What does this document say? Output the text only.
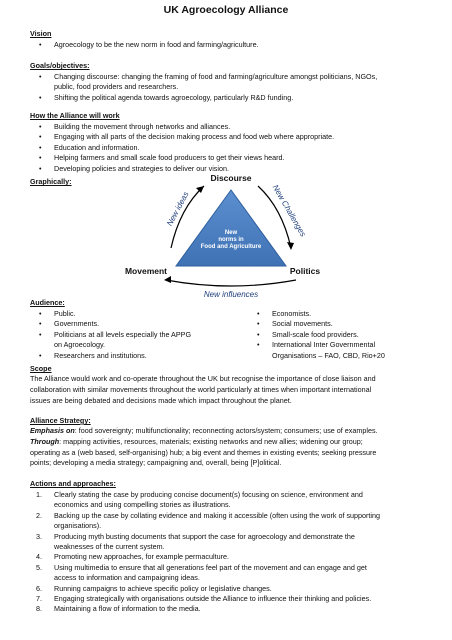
UK Agroecology Alliance
Vision
• Agroecology to be the new norm in food and farming/agriculture.
Goals/objectives:
• Changing discourse: changing the framing of food and farming/agriculture amongst politicians, NGOs,
public, food providers and researchers.
• Shifting the political agenda towards agroecology, particularly R&D funding.
How the Alliance will work
• Building the movement through networks and alliances.
• Engaging with all parts of the decision making process and food web where appropriate.
• Education and information.
• Helping farmers and small scale food producers to get their views heard.
• Developing policies and strategies to deliver our vision.
Graphically:
New
norms in
Food and Agriculture
Discourse
Movement	Politics
New ideas	New Challenges
New influences
Audience:
• Public.
• Governments.
• Politicians at all levels especially the APPG
on Agroecology.
• Researchers and institutions.
• Economists.
• Social movements.
• Small-scale food providers.
• International Inter Governmental
Organisations – FAO, CBD, Rio+20
Scope
The Alliance would work and co-operate throughout the UK but recognise the importance of close liaison and
collaboration with similar movements throughout the world particularly at times when important international
issues are being debated and decisions made which impact throughout the planet.
Alliance Strategy:
Emphasis on: food sovereignty; multifunctionality; reconnecting actors/system; consumers; use of examples.
Through: mapping activities, resources, materials; existing networks and new allies; widening our group;
operating as a (web based, self-organising) hub; a big event and themes in existing events; seeking pressure
points; developing a media strategy; campaigning and, overall, being [P]olitical.
Actions and approaches:
1. Clearly stating the case by producing concise document(s) focusing on science, environment and
economics and using compelling stories as illustrations.
2. Backing up the case by collating evidence and making it accessible (often using the work of supporting
organisations).
3. Producing myth busting documents that support the case for agroecology and demonstrate the
weaknesses of the current system.
4. Promoting new approaches, for example permaculture.
5. Using multimedia to ensure that all generations feel part of the movement and can engage and get
access to information and campaigning ideas.
6. Running campaigns to achieve specific policy or legislative changes.
7. Engaging strategically with organisations outside the Alliance to influence their thinking and policies.
8. Maintaining a flow of information to the media.
